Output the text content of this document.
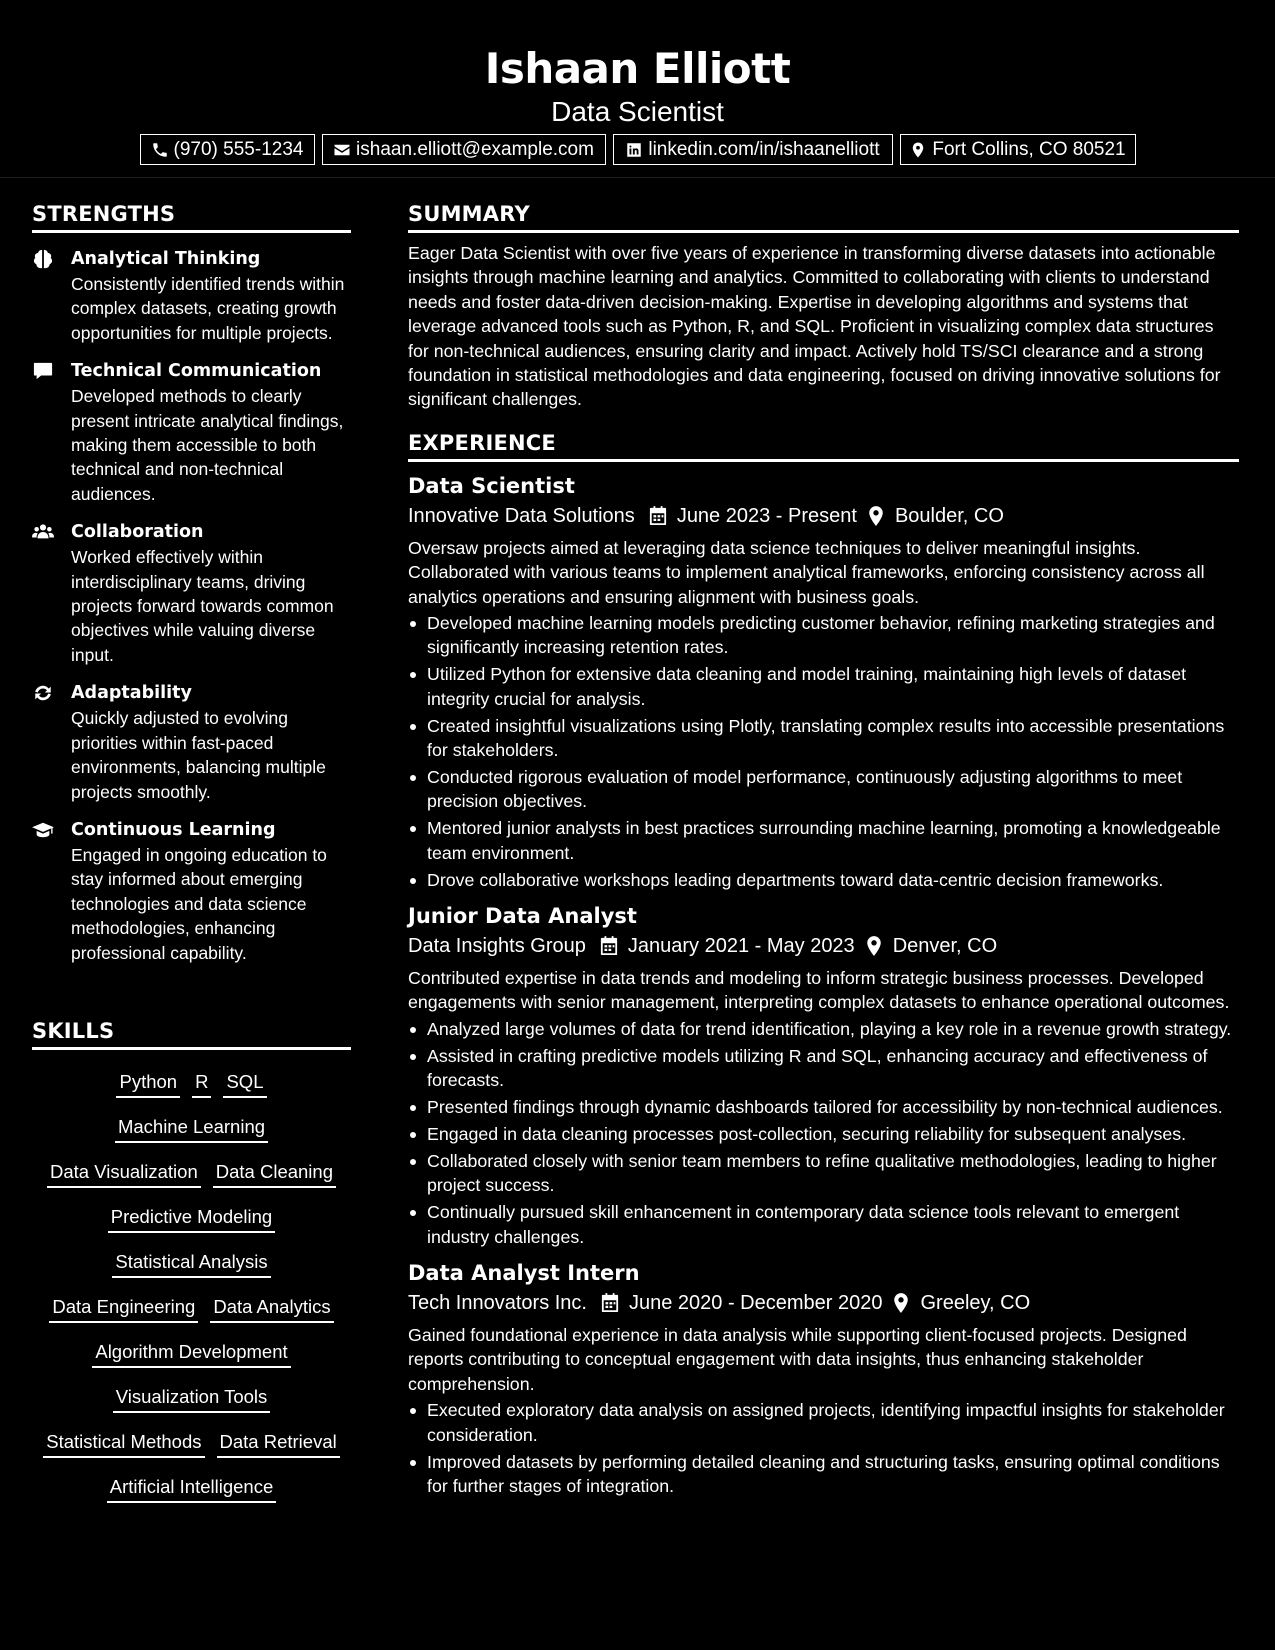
Ishaan Elliott
Data Scientist
(970) 555-1234	ishaan.elliott@example.com	linkedin.com/in/ishaanelliott	Fort Collins, CO 80521
STRENGTHS
Analytical Thinking
Consistently identified trends within complex datasets, creating growth opportunities for multiple projects.
Technical Communication
Developed methods to clearly present intricate analytical findings, making them accessible to both technical and non-technical audiences.
Collaboration
Worked effectively within interdisciplinary teams, driving projects forward towards common objectives while valuing diverse input.
Adaptability
Quickly adjusted to evolving priorities within fast-paced environments, balancing multiple projects smoothly.
Continuous Learning
Engaged in ongoing education to stay informed about emerging technologies and data science methodologies, enhancing professional capability.
SKILLS
Python R SQL
Machine Learning
Data Visualization Data Cleaning
Predictive Modeling
Statistical Analysis
Data Engineering Data Analytics
Algorithm Development
Visualization Tools
Statistical Methods Data Retrieval
Artificial Intelligence
SUMMARY
Eager Data Scientist with over five years of experience in transforming diverse datasets into actionable insights through machine learning and analytics. Committed to collaborating with clients to understand needs and foster data-driven decision-making. Expertise in developing algorithms and systems that leverage advanced tools such as Python, R, and SQL. Proficient in visualizing complex data structures for non-technical audiences, ensuring clarity and impact. Actively hold TS/SCI clearance and a strong foundation in statistical methodologies and data engineering, focused on driving innovative solutions for significant challenges.
EXPERIENCE
Data Scientist
Innovative Data Solutions June 2023 - Present Boulder, CO
Oversaw projects aimed at leveraging data science techniques to deliver meaningful insights. Collaborated with various teams to implement analytical frameworks, enforcing consistency across all analytics operations and ensuring alignment with business goals.
Developed machine learning models predicting customer behavior, refining marketing strategies and significantly increasing retention rates.
Utilized Python for extensive data cleaning and model training, maintaining high levels of dataset integrity crucial for analysis.
Created insightful visualizations using Plotly, translating complex results into accessible presentations for stakeholders.
Conducted rigorous evaluation of model performance, continuously adjusting algorithms to meet precision objectives.
Mentored junior analysts in best practices surrounding machine learning, promoting a knowledgeable team environment.
Drove collaborative workshops leading departments toward data-centric decision frameworks.
Junior Data Analyst
Data Insights Group January 2021 - May 2023 Denver, CO
Contributed expertise in data trends and modeling to inform strategic business processes. Developed engagements with senior management, interpreting complex datasets to enhance operational outcomes.
Analyzed large volumes of data for trend identification, playing a key role in a revenue growth strategy.
Assisted in crafting predictive models utilizing R and SQL, enhancing accuracy and effectiveness of forecasts.
Presented findings through dynamic dashboards tailored for accessibility by non-technical audiences.
Engaged in data cleaning processes post-collection, securing reliability for subsequent analyses.
Collaborated closely with senior team members to refine qualitative methodologies, leading to higher project success.
Continually pursued skill enhancement in contemporary data science tools relevant to emergent industry challenges.
Data Analyst Intern
Tech Innovators Inc. June 2020 - December 2020 Greeley, CO
Gained foundational experience in data analysis while supporting client-focused projects. Designed reports contributing to conceptual engagement with data insights, thus enhancing stakeholder comprehension.
Executed exploratory data analysis on assigned projects, identifying impactful insights for stakeholder consideration.
Improved datasets by performing detailed cleaning and structuring tasks, ensuring optimal conditions for further stages of integration.
